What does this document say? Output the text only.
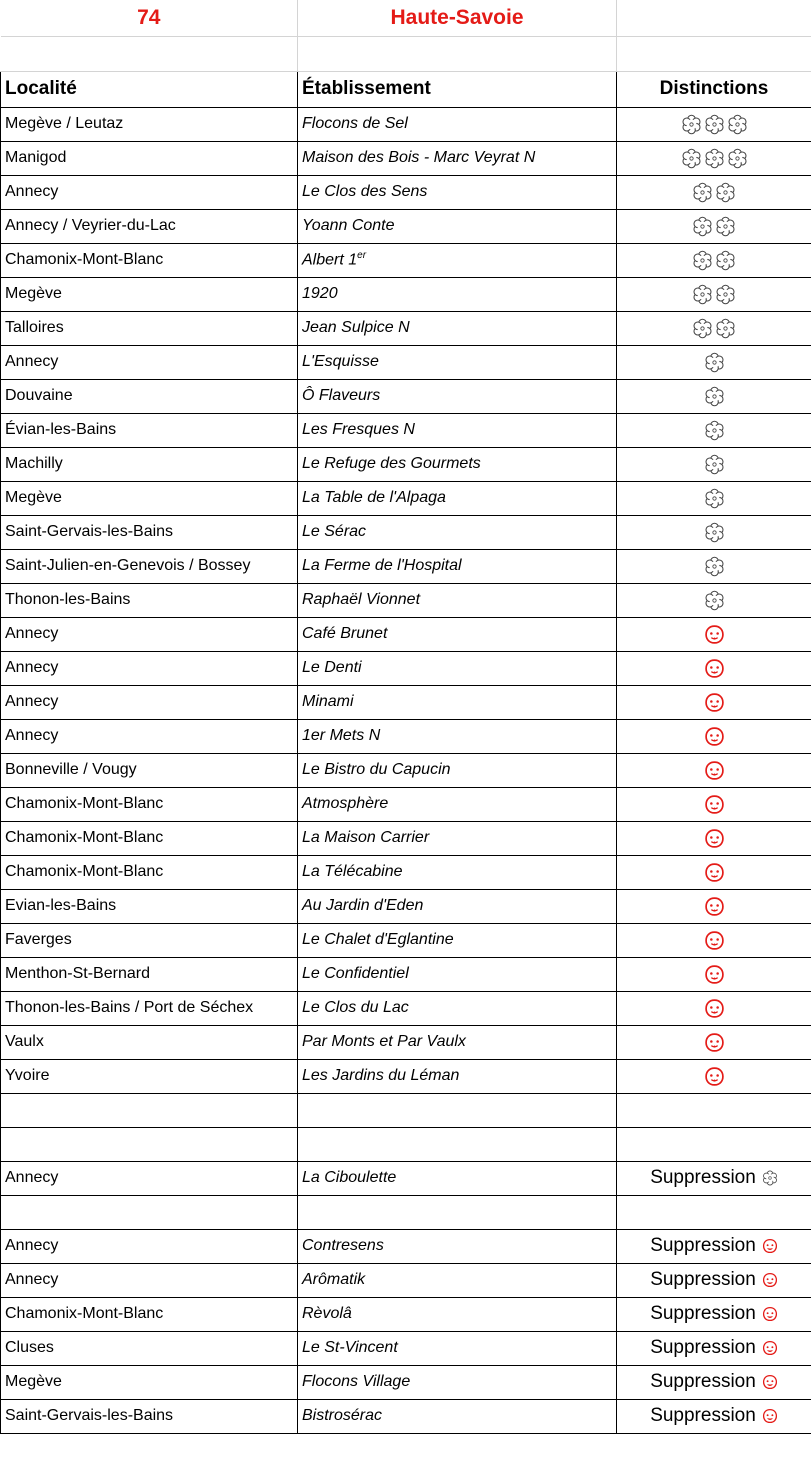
74	Haute-Savoie	

Localité	Établissement	Distinctions
Megève / Leutaz	Flocons de Sel	

Manigod	Maison des Bois - Marc Veyrat N	

Annecy	Le Clos des Sens	

Annecy / Veyrier-du-Lac	Yoann Conte	

Chamonix-Mont-Blanc	Albert 1er	

Megève	1920	

Talloires	Jean Sulpice N	

Annecy	L'Esquisse	

Douvaine	Ô Flaveurs	

Évian-les-Bains	Les Fresques N	

Machilly	Le Refuge des Gourmets	

Megève	La Table de l'Alpaga	

Saint-Gervais-les-Bains	Le Sérac	

Saint-Julien-en-Genevois / Bossey	La Ferme de l'Hospital	

Thonon-les-Bains	Raphaël Vionnet	

Annecy	Café Brunet	

Annecy	Le Denti	

Annecy	Minami	

Annecy	1er Mets N	

Bonneville / Vougy	Le Bistro du Capucin	

Chamonix-Mont-Blanc	Atmosphère	

Chamonix-Mont-Blanc	La Maison Carrier	

Chamonix-Mont-Blanc	La Télécabine	

Evian-les-Bains	Au Jardin d'Eden	

Faverges	Le Chalet d'Eglantine	

Menthon-St-Bernard	Le Confidentiel	

Thonon-les-Bains / Port de Séchex	Le Clos du Lac	

Vaulx	Par Monts et Par Vaulx	

Yvoire	Les Jardins du Léman	

Annecy	La Ciboulette	Suppression

Annecy	Contresens	Suppression

Annecy	Arômatik	Suppression

Chamonix-Mont-Blanc	Rèvolâ	Suppression

Cluses	Le St-Vincent	Suppression

Megève	Flocons Village	Suppression

Saint-Gervais-les-Bains	Bistrosérac	Suppression
